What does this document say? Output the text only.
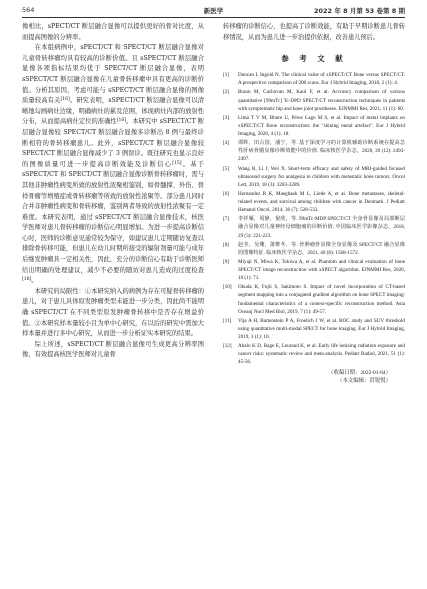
564	新医学	2022 年 8 月第 53 卷第 8 期

像相比，sPECT/CT 断层融合显像可以提供更好的骨对比度，从而提高图像的分辨率。

在本组病例中，sPECT/CT 和 SPECT/CT 断层融合显像对儿童骨转移瘤均具有较高的诊断价值。且 sSPECT/CT 断层融合显像各项指标结果均优于 SPECT/CT 断层融合显像，表明 sSPECT/CT 断层融合显像在儿童骨转移瘤中具有更高的诊断价值。分析其原因，考虑可能与 sSPECT/CT 断层融合显像的图像质量较高有关[16]。研究表明，sSPECT/CT 断层融合显像可以清晰地勾画病灶边缘，明确病灶的累及范围，体现病灶内部的放射性分布，从而提高病灶定位的准确性[16]。本研究中 sSPECT/CT 断层融合显像较 SPECT/CT 断层融合显像多诊断出 8 例与最终诊断相符的骨转移瘤患儿。此外，sSPECT/CT 断层融合显像较 SPECT/CT 断层融合显像减少了 3 例误诊。既往研究也显示良好的图像质量可进一步提高诊断效能及诊断信心[15]。基于 sSPECT/CT 和 SPECT/CT 断层融合显像诊断骨转移瘤时，需与其他非肿瘤性病变所致的放射性浓聚相鉴别，如骨髓撑、外伤、骨样骨瘤等增殖症或骨转移瘤等所致的放射性浓聚等。部分患儿同时合并非肿瘤性病变和骨转移瘤，鉴别两者导致的放射性浓聚有一定难度。本研究表明，通过 sSPECT/CT 断层融合显像技术，核医学医师对患儿骨转移瘤的诊断信心明显增加。为进一步提高诊断信心时，医师的诊断意见通常较为保守，如建议患儿定期随访复查以排除骨转移可能，但患儿在幼儿时期所接受的辐射剂量可能与成年后继发肿瘤具一定相关性，因此，充分的诊断信心有助于诊断医师给出明确的处理建议，减少不必要的随访对患儿造成的过度检查[16]。

本研究的局限性：①本研究纳入的病例为存在可疑骨转移瘤的患儿，对于患儿具体原发肿瘤类型未能进一步分类，因此尚不能明确 sSPECT/CT 在不同类型原发肿瘤骨转移中是否存在增益价值。②本研究样本量较小且为单中心研究，在以后的研究中需加大样本量并进行多中心研究，从而进一步分析证实本研究的结果。

综上所述，sSPECT/CT 断层融合显像可生成更高分辨率图像，有效提高核医学医师对儿童骨

转移瘤的诊断信心，也提高了诊断效能，有助于早期诊断患儿骨转移情况，从而为患儿进一步治提供依据，改善患儿预后。

参 考 文 献
[1] Duncan I, Ingold N. The clinical value of xSPECT/CT Bone versus SPECT/CT. A prospective comparison of 200 scans. Eur J Hybrid Imaging, 2018, 2 (1): 4.
[2] Braun M, Cachovan M, Kaul F, et al. Accuracy comparison of various quantitative [99mTc] Tc-DPD SPECT/CT reconstruction techniques in patients with symptomatic hip and knee joint prostheses. EJNMMI Res, 2021, 11 (1): 60.
[3] Lima T V M, Bhure U, Pérez Lago M S, et al. Impact of metal implants on xSPECT/CT Bone reconstruction: the "shining metal artefact". Eur J Hybrid Imaging, 2020, 4 (1): 18.
[4] 谭辉，田占国，潘宁，等. 基于深度学习的计算机辅助诊断系统在提高急性肝病骨骼显像诊断效能中的价值. 临床核医学杂志，2020, 39 (12): 2493-2497.
[5] Wang B, Li J, Wei X. Short-term efficacy and safety of MRI-guided focused ultrasound surgery for analgesia in children with metastatic bone tumors. Oncol Lett, 2019, 18 (3): 3283-3289.
[6] Hernandez R K, Maegbaek M L, Liede A, et al. Bone metastases, skeletal-related events, and survival among children with cancer in Denmark. J Pediatr Hematol Oncol, 2014, 36 (7): 528-533.
[7] 李祥雁，周静，倪欣，等. 99mTc-MDP SPECT/CT 全身骨显像及局部断层融合显像对儿童神经母细胞瘤的诊断价值. 中国临床医学影像杂志，2018, 29 (3): 221-223.
[8] 赵莹，吴珊，萧维冬，等. 骨肿瘤骨显像全身显像及 SPECT/CT 融合显像的图像特征. 临床核医学杂志，2021, 40 (8): 1568-1572.
[9] Miyaji N, Miwa K, Tokiwa A, et al. Phantom and clinical evaluation of bone SPECT/CT image reconstruction with xSPECT algorithm. EJNMMI Res, 2020, 10 (1): 71.
[10] Okuda K, Fujii S, Sakimoto S. Impact of novel incorporation of CT-based segment mapping into a conjugated gradient algorithm on bone SPECT imaging: fundamental characteristics of a context-specific reconstruction method. Asia Oceanj Nucl Med Biol, 2019, 7 (1): 49-57.
[11] Vija A H, Bartenstein P A, Froelich J W, et al. ROC study and SUV threshold using quantitative multi-modal SPECT for bone imaging. Eur J Hybrid Imaging, 2019, 3 (1): 10.
[12] Abalo K D, Rage E, Leuraud K, et al. Early life ionizing radiation exposure and cancer risks: systematic review and meta-analysis. Pediatr Radiol, 2021, 51 (1): 45-56.
（收稿日期：2022-01-04）
（本文编辑：洪锐悦）
